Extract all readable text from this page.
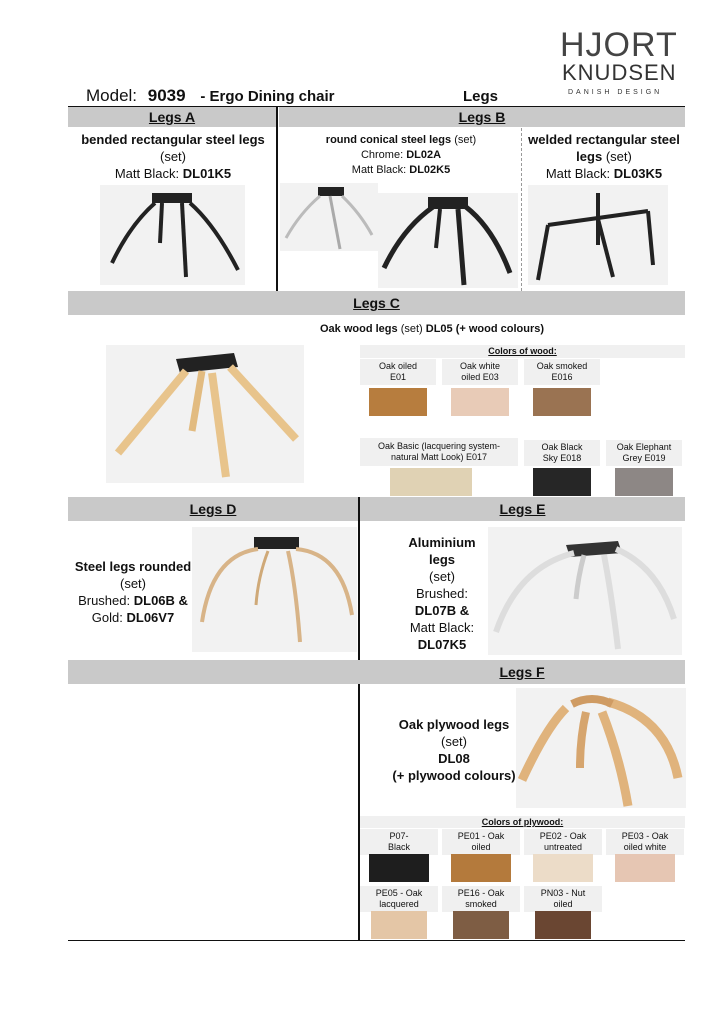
HJORT
KNUDSEN
DANISH DESIGN
Model: 9039 - Ergo Dining chair	Legs
Legs A	Legs B
bended rectangular steel legs
(set)
Matt Black: DL01K5
round conical steel legs (set)
Chrome: DL02A
Matt Black: DL02K5
welded rectangular steel legs (set)
Matt Black: DL03K5
Legs C
Oak wood legs (set) DL05 (+ wood colours)
Colors of wood:
Oak oiled
E01
Oak white
oiled E03
Oak smoked
E016
Oak Basic (lacquering system-
natural Matt Look) E017
Oak Black
Sky E018
Oak Elephant
Grey E019
Legs D	Legs E
Steel legs rounded
(set)
Brushed: DL06B &
Gold: DL06V7
Aluminium
legs
(set)
Brushed:
DL07B &
Matt Black:
DL07K5
Legs F
Oak plywood legs
(set)
DL08
(+ plywood colours)
Colors of plywood:
P07-
Black
PE01 - Oak
oiled
PE02 - Oak
untreated
PE03 - Oak
oiled white
PE05 - Oak
lacquered
PE16 - Oak
smoked
PN03 - Nut
oiled
